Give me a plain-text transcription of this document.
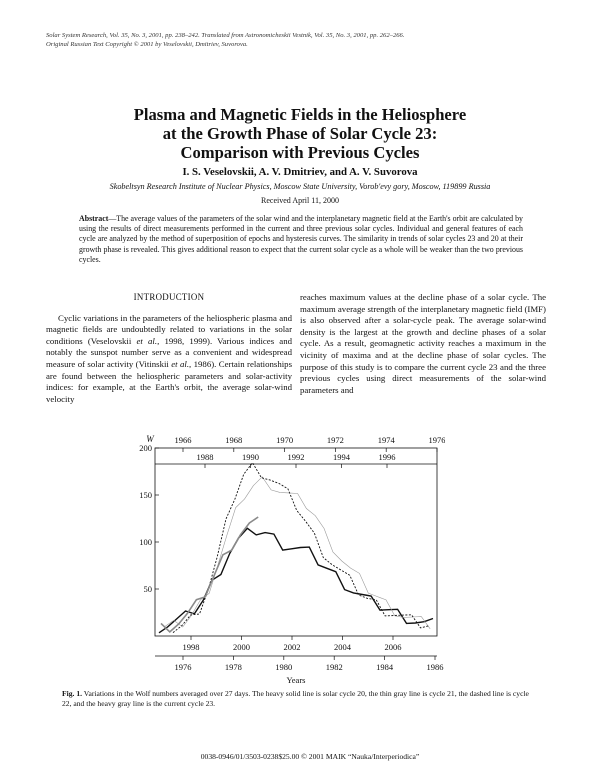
Solar System Research, Vol. 35, No. 3, 2001, pp. 238–242. Translated from Astronomicheskii Vestnik, Vol. 35, No. 3, 2001, pp. 262–266.
Original Russian Text Copyright © 2001 by Veselovskii, Dmitriev, Suvorova.
Plasma and Magnetic Fields in the Heliosphere
at the Growth Phase of Solar Cycle 23:
Comparison with Previous Cycles
I. S. Veselovskii, A. V. Dmitriev, and A. V. Suvorova
Skobeltsyn Research Institute of Nuclear Physics, Moscow State University, Vorob'evy gory, Moscow, 119899 Russia
Received April 11, 2000
Abstract—The average values of the parameters of the solar wind and the interplanetary magnetic field at the Earth's orbit are calculated by using the results of direct measurements performed in the current and three previous solar cycles. Individual and general features of each cycle are analyzed by the method of superposition of epochs and hysteresis curves. The similarity in trends of solar cycles 23 and 20 at their growth phase is revealed. This gives additional reason to expect that the current solar cycle as a whole will be weaker than the two previous cycles.
INTRODUCTION

Cyclic variations in the parameters of the heliospheric plasma and magnetic fields are undoubtedly related to variations in the solar conditions (Veselovskii et al., 1998, 1999). Various indices and notably the sunspot number serve as a convenient and widespread measure of solar activity (Vitinskii et al., 1986). Certain relationships are found between the heliospheric parameters and solar-activity indices: for example, at the Earth's orbit, the average solar-wind velocity

reaches maximum values at the decline phase of a solar cycle. The maximum average strength of the interplanetary magnetic field (IMF) is also observed after a solar-cycle peak. The average solar-wind density is the largest at the growth and decline phases of a solar cycle. As a result, geomagnetic activity reaches a maximum in the vicinity of maxima and at the decline phase of solar cycles. The purpose of this study is to compare the current cycle 23 and the three previous cycles using direct measurements of the solar-wind parameters and

50
100
150
200
W 1966	1968	1970	1972	1974	1976
1988	1990	1992	1994	1996
1998	2000	2002	2004	2006
1976	1978	1980	1982	1984	1986
Years
Fig. 1. Variations in the Wolf numbers averaged over 27 days. The heavy solid line is solar cycle 20, the thin gray line is cycle 21, the dashed line is cycle 22, and the heavy gray line is the current cycle 23.
0038-0946/01/3503-0238$25.00 © 2001 MAIK “Nauka/Interperiodica”
